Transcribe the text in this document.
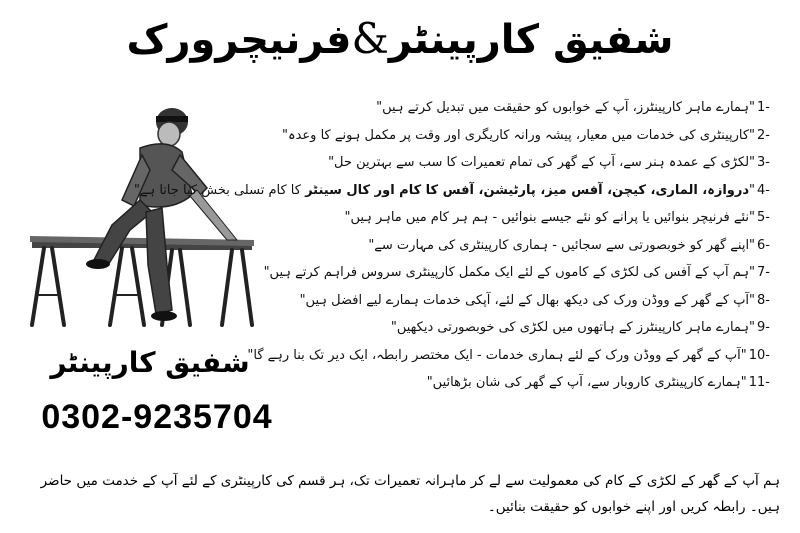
شفیق کارپینٹر&فرنیچرورک
شفیق کارپینٹر
0302-9235704
1-"ہمارے ماہر کارپینٹرز، آپ کے خوابوں کو حقیقت میں تبدیل کرتے ہیں"
2-"کارپینٹری کی خدمات میں معیار، پیشہ ورانہ کاریگری اور وقت پر مکمل ہونے کا وعدہ"
3-"لکڑی کے عمدہ ہنر سے، آپ کے گھر کی تمام تعمیرات کا سب سے بہترین حل"
4-"دروازہ، الماری، کیچن، آفس میز، پارٹیشن، آفس کا کام اور کال سینٹر کا کام تسلی بخش کیا جاتا ہے"
5-"نئے فرنیچر بنوائیں یا پرانے کو نئے جیسے بنوائیں - ہم ہر کام میں ماہر ہیں"
6-"اپنے گھر کو خوبصورتی سے سجائیں - ہماری کارپینٹری کی مہارت سے"
7-"ہم آپ کے آفس کی لکڑی کے کاموں کے لئے ایک مکمل کارپینٹری سروس فراہم کرتے ہیں"
8-"آپ کے گھر کے ووڈن ورک کی دیکھ بھال کے لئے، آپکی خدمات ہمارے لیے افضل ہیں"
9-"ہمارے ماہر کارپینٹرز کے ہاتھوں میں لکڑی کی خوبصورتی دیکھیں"
10-"آپ کے گھر کے ووڈن ورک کے لئے ہماری خدمات - ایک مختصر رابطہ، ایک دیر تک بنا رہے گا"
11-"ہمارے کارپینٹری کاروبار سے، آپ کے گھر کی شان بڑھائیں"
ہم آپ کے گھر کے لکڑی کے کام کی معمولیت سے لے کر ماہرانہ تعمیرات تک، ہر قسم کی کارپینٹری کے لئے آپ کے خدمت میں حاضر ہیں۔ رابطہ کریں اور اپنے خوابوں کو حقیقت بنائیں۔
